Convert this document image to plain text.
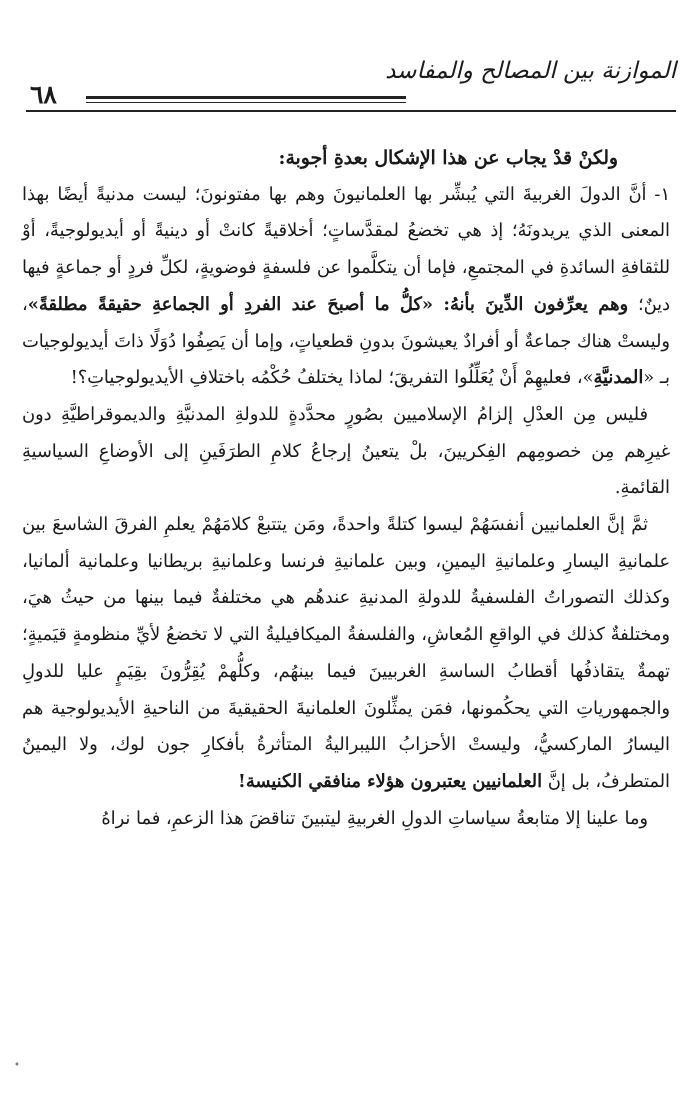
الموازنة بين المصالح والمفاسد
٦٨

ولكنْ قدْ يجاب عن هذا الإشكال بعدةِ أجوبة:

١- أنَّ الدولَ الغربيةَ التي يُبشِّر بها العلمانيونَ وهم بها مفتونونَ؛ ليست مدنيةً أيضًا بهذا المعنى الذي يريدونَهُ؛ إذ هي تخضعُ لمقدَّساتٍ؛ أخلاقيةً كانتْ أو دينيةً أو أيديولوجيةً، أوْ للثقافةِ السائدةِ في المجتمعِ، فإما أن يتكلَّموا عن فلسفةٍ فوضويةٍ، لكلِّ فردٍ أو جماعةٍ فيها دينٌ؛ وهم يعرِّفون الدِّينَ بأنهُ: «كلُّ ما أصبحَ عند الفردِ أو الجماعةِ حقيقةً مطلقةً»، وليستْ هناك جماعةٌ أو أفرادٌ يعيشونَ بدونِ قطعياتٍ، وإما أن يَصِفُوا دُوَلًا ذاتَ أيديولوجيات بـ «المدنيَّةِ»، فعليهِمْ أَنْ يُعَلِّلُوا التفريقَ؛ لماذا يختلفُ حُكْمُه باختلافِ الأيديولوجياتِ؟!

فليس مِن العدْلِ إلزامُ الإسلاميين بصُورٍ محدَّدةٍ للدولةِ المدنيَّةِ والديموقراطيَّةِ دون غيرِهم مِن خصومِهم الفِكريينَ، بلْ يتعينُ إرجاعُ كلامِ الطرَفَينِ إلى الأوضاعِ السياسيةِ القائمةِ.

ثمَّ إنَّ العلمانيين أنفسَهُمْ ليسوا كتلةً واحدةً، ومَن يتتبعْ كلامَهُمْ يعلمِ الفرقَ الشاسعَ بين علمانيةِ اليسارِ وعلمانيةِ اليمينِ، وبين علمانيةِ فرنسا وعلمانيةِ بريطانيا وعلمانية ألمانيا، وكذلك التصوراتُ الفلسفيةُ للدولةِ المدنيةِ عندهُم هي مختلفةٌ فيما بينها من حيثُ هيَ، ومختلفةٌ كذلك في الواقعِ المُعاشِ، والفلسفةُ الميكافيليةُ التي لا تخضعُ لأيِّ منظومةٍ قيَميةٍ؛ تهمةٌ يتقاذفُها أقطابُ الساسةِ الغربيينَ فيما بينهُم، وكلُّهمْ يُقِرُّونَ بقِيَمٍ عليا للدولِ والجمهورياتِ التي يحكُمونها، فمَن يمثِّلونَ العلمانيةَ الحقيقيةَ من الناحيةِ الأيديولوجية هم اليسارُ الماركسيُّ، وليستْ الأحزابُ الليبراليةُ المتأثرةُ بأفكارِ جون لوك، ولا اليمينُ المتطرفُ، بل إنَّ العلمانيين يعتبرون هؤلاء منافقي الكنيسة!

وما علينا إلا متابعةُ سياساتِ الدولِ الغربيةِ ليتبينَ تناقضَ هذا الزعمِ، فما نراهُ

•
